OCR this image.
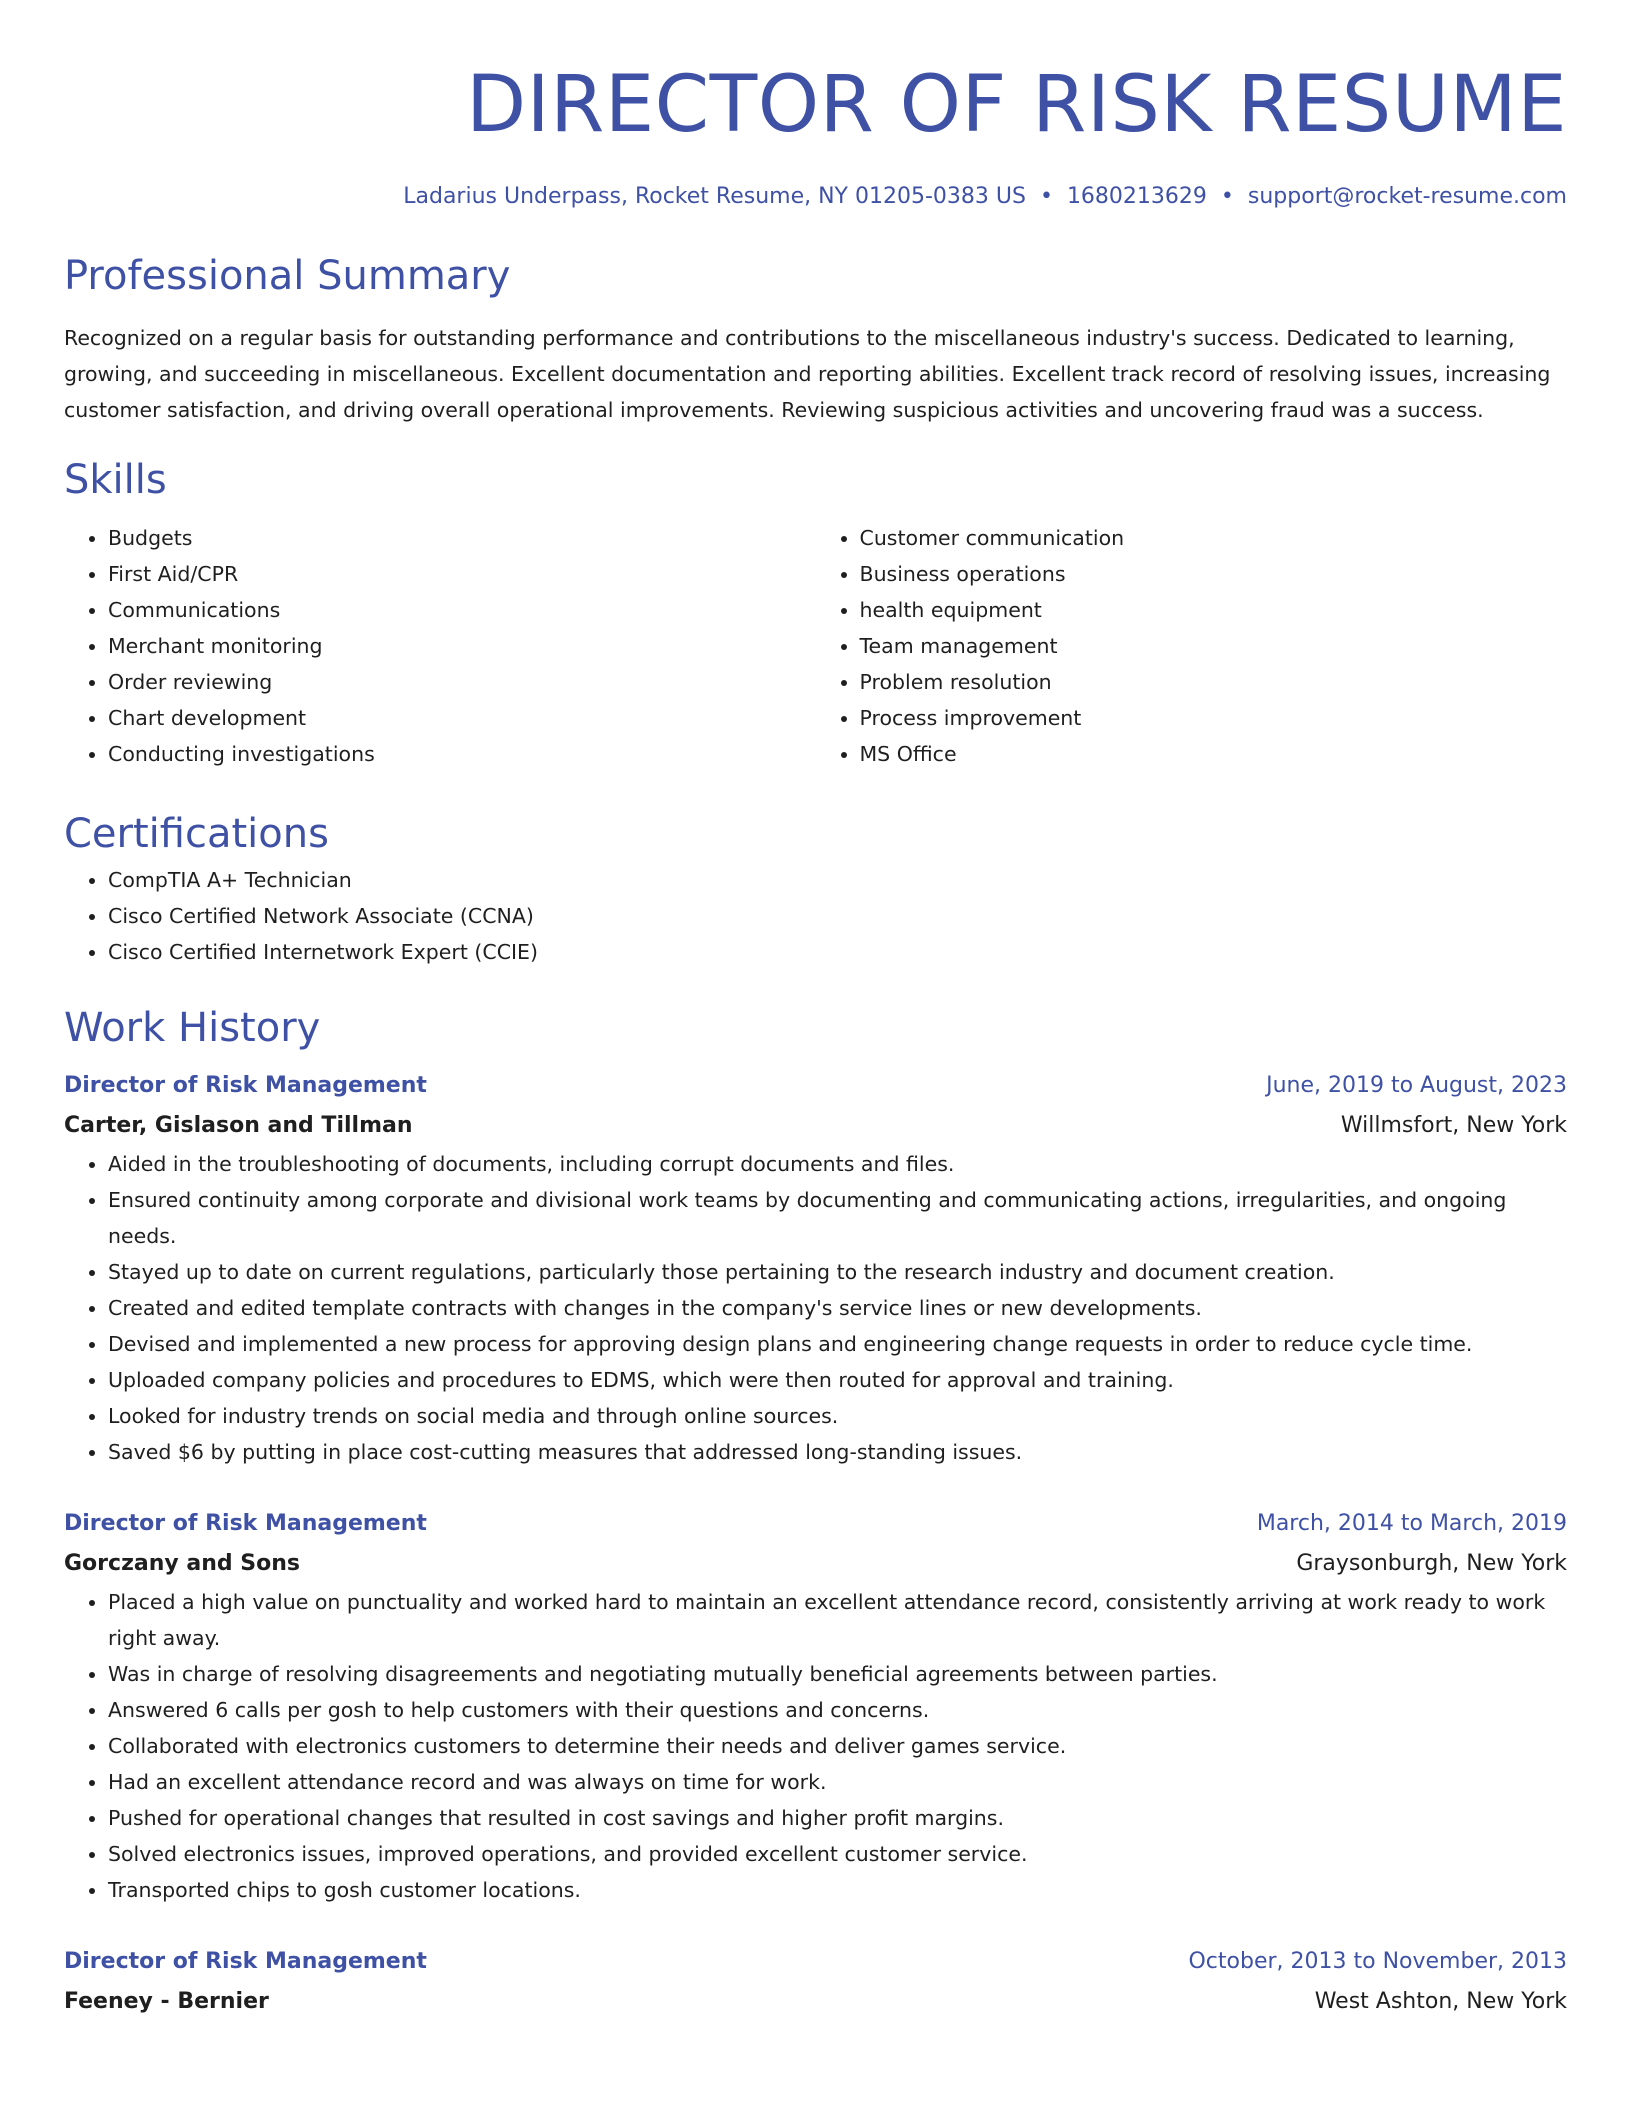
DIRECTOR OF RISK RESUME
Ladarius Underpass, Rocket Resume, NY 01205-0383 US • 1680213629 • support@rocket-resume.com
Professional Summary
Recognized on a regular basis for outstanding performance and contributions to the miscellaneous industry's success. Dedicated to learning, growing, and succeeding in miscellaneous. Excellent documentation and reporting abilities. Excellent track record of resolving issues, increasing customer satisfaction, and driving overall operational improvements. Reviewing suspicious activities and uncovering fraud was a success.
Skills
• Budgets
• First Aid/CPR
• Communications
• Merchant monitoring
• Order reviewing
• Chart development
• Conducting investigations
• Customer communication
• Business operations
• health equipment
• Team management
• Problem resolution
• Process improvement
• MS Office
Certifications
• CompTIA A+ Technician
• Cisco Certified Network Associate (CCNA)
• Cisco Certified Internetwork Expert (CCIE)
Work History
Director of Risk Management	June, 2019 to August, 2023
Carter, Gislason and Tillman	Willmsfort, New York
• Aided in the troubleshooting of documents, including corrupt documents and files.
• Ensured continuity among corporate and divisional work teams by documenting and communicating actions, irregularities, and ongoing needs.
• Stayed up to date on current regulations, particularly those pertaining to the research industry and document creation.
• Created and edited template contracts with changes in the company's service lines or new developments.
• Devised and implemented a new process for approving design plans and engineering change requests in order to reduce cycle time.
• Uploaded company policies and procedures to EDMS, which were then routed for approval and training.
• Looked for industry trends on social media and through online sources.
• Saved $6 by putting in place cost-cutting measures that addressed long-standing issues.
Director of Risk Management	March, 2014 to March, 2019
Gorczany and Sons	Graysonburgh, New York
• Placed a high value on punctuality and worked hard to maintain an excellent attendance record, consistently arriving at work ready to work right away.
• Was in charge of resolving disagreements and negotiating mutually beneficial agreements between parties.
• Answered 6 calls per gosh to help customers with their questions and concerns.
• Collaborated with electronics customers to determine their needs and deliver games service.
• Had an excellent attendance record and was always on time for work.
• Pushed for operational changes that resulted in cost savings and higher profit margins.
• Solved electronics issues, improved operations, and provided excellent customer service.
• Transported chips to gosh customer locations.
Director of Risk Management	October, 2013 to November, 2013
Feeney - Bernier	West Ashton, New York
